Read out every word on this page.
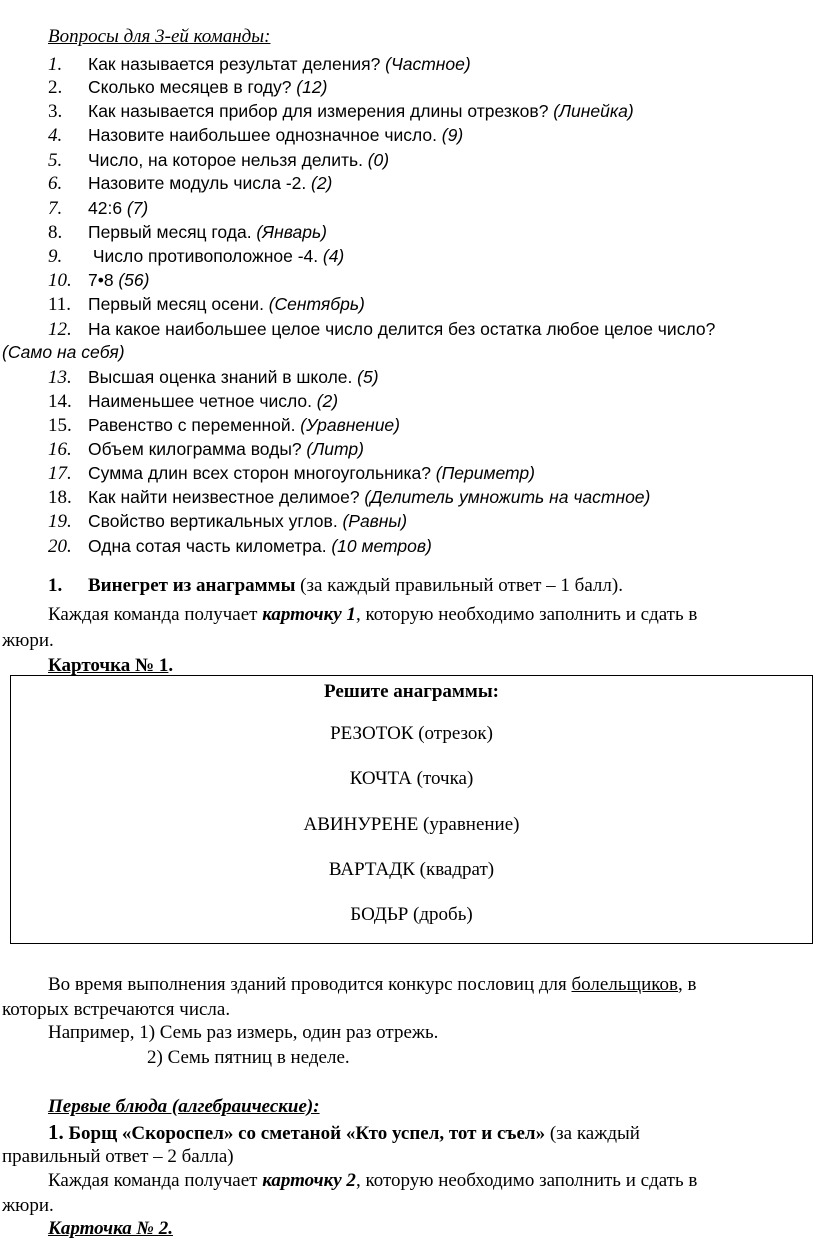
Вопросы для 3-ей команды:
1. Как называется результат деления? (Частное)
2. Сколько месяцев в году? (12)
3. Как называется прибор для измерения длины отрезков? (Линейка)
4. Назовите наибольшее однозначное число. (9)
5. Число, на которое нельзя делить. (0)
6. Назовите модуль числа -2. (2)
7. 42:6 (7)
8. Первый месяц года. (Январь)
9. Число противоположное -4. (4)
10. 7•8 (56)
11. Первый месяц осени. (Сентябрь)
12. На какое наибольшее целое число делится без остатка любое целое число?
13. Высшая оценка знаний в школе. (5)
14. Наименьшее четное число. (2)
15. Равенство с переменной. (Уравнение)
16. Объем килограмма воды? (Литр)
17. Сумма длин всех сторон многоугольника? (Периметр)
18. Как найти неизвестное делимое? (Делитель умножить на частное)
19. Свойство вертикальных углов. (Равны)
20. Одна сотая часть километра. (10 метров)
(Само на себя)
1. Винегрет из анаграммы (за каждый правильный ответ – 1 балл).
Каждая команда получает карточку 1, которую необходимо заполнить и сдать в
жюри.
Карточка № 1.
Решите анаграммы:
РЕЗОТОК (отрезок)
КОЧТА (точка)
АВИНУРЕНЕ (уравнение)
ВАРТАДК (квадрат)
БОДЬР (дробь)
Во время выполнения зданий проводится конкурс пословиц для болельщиков, в
которых встречаются числа.
Например, 1) Семь раз измерь, один раз отрежь.
2) Семь пятниц в неделе.
Первые блюда (алгебраические):
1. Борщ «Скороспел» со сметаной «Кто успел, тот и съел» (за каждый
правильный ответ – 2 балла)
Каждая команда получает карточку 2, которую необходимо заполнить и сдать в
жюри.
Карточка № 2.
